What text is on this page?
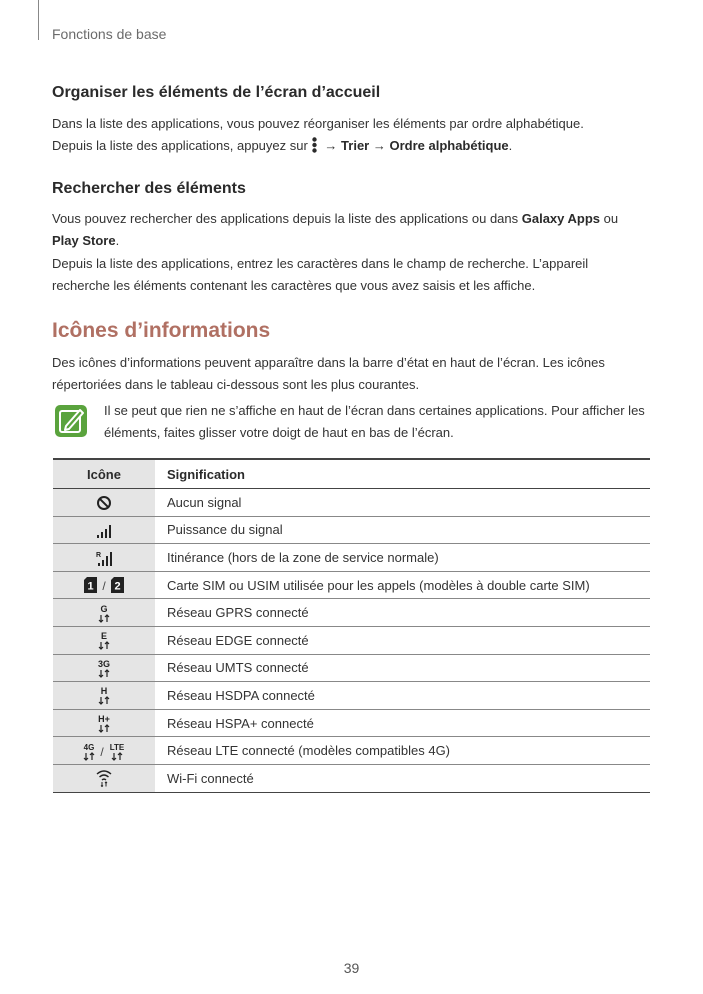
Fonctions de base
Organiser les éléments de l’écran d’accueil
Dans la liste des applications, vous pouvez réorganiser les éléments par ordre alphabétique.
Depuis la liste des applications, appuyez sur → Trier → Ordre alphabétique.
Rechercher des éléments
Vous pouvez rechercher des applications depuis la liste des applications ou dans Galaxy Apps ou
Play Store.
Depuis la liste des applications, entrez les caractères dans le champ de recherche. L’appareil recherche les éléments contenant les caractères que vous avez saisis et les affiche.
Icônes d’informations
Des icônes d’informations peuvent apparaître dans la barre d’état en haut de l’écran. Les icônes répertoriées dans le tableau ci-dessous sont les plus courantes.
Il se peut que rien ne s’affiche en haut de l’écran dans certaines applications. Pour afficher les éléments, faites glisser votre doigt de haut en bas de l’écran.
Icône	Signification
	Aucun signal
	Puissance du signal

R	Itinérance (hors de la zone de service normale)

1 / 2	Carte SIM ou USIM utilisée pour les appels (modèles à double carte SIM)

G	Réseau GPRS connecté

E	Réseau EDGE connecté

3G	Réseau UMTS connecté

H	Réseau HSDPA connecté

H+	Réseau HSPA+ connecté

4G / LTE	Réseau LTE connecté (modèles compatibles 4G)
	Wi-Fi connecté
39
